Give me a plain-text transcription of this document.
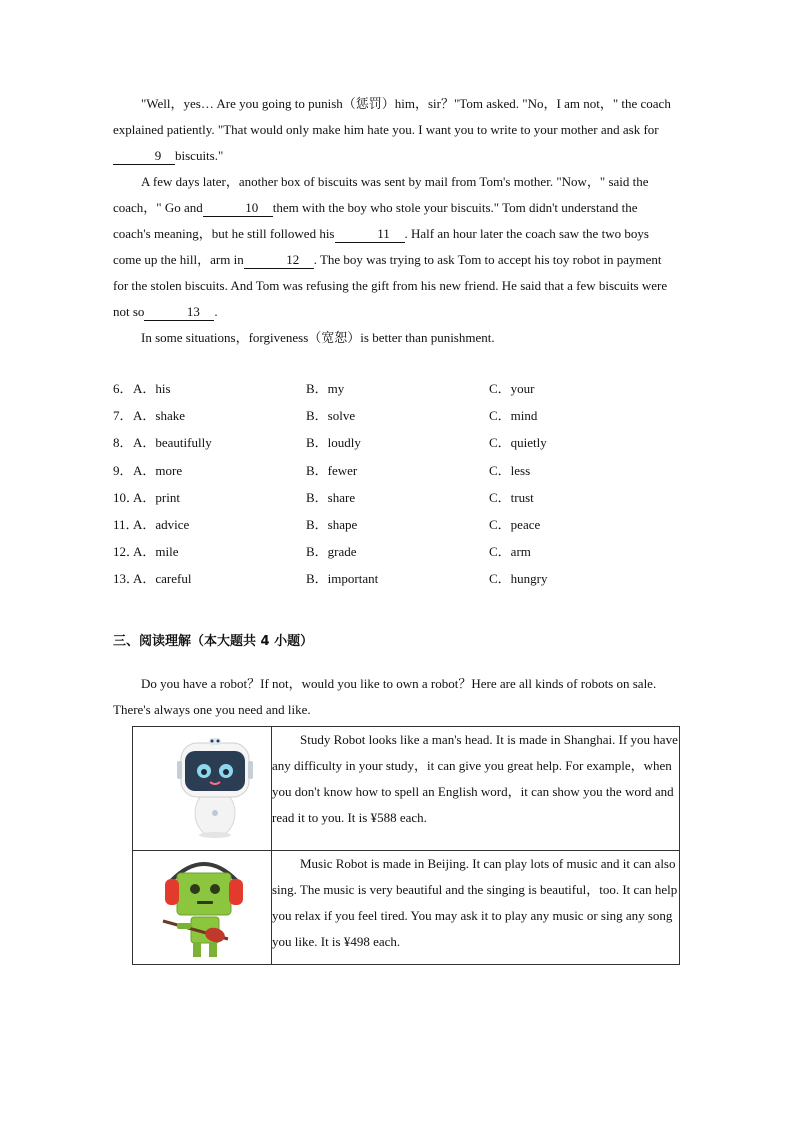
"Well，yes… Are you going to punish（惩罚）him，sir？"Tom asked. "No，I am not，" the coach explained patiently. "That would only make him hate you. I want you to write to your mother and ask for9 biscuits."

A few days later，another box of biscuits was sent by mail from Tom's mother. "Now，" said the coach，" Go and	10 them with the boy who stole your biscuits." Tom didn't understand the coach's meaning，but he still followed his	11 . Half an hour later the coach saw the two boys come up the hill，arm in	12 . The boy was trying to ask Tom to accept his toy robot in payment for the stolen biscuits. And Tom was refusing the gift from his new friend. He said that a few biscuits were not so	13 .

In some situations，forgiveness（宽恕）is better than punishment.

6． A．his	B．my	C．your
7． A．shake	B．solve	C．mind
8． A．beautifully	B．loudly	C．quietly
9． A．more	B．fewer	C．less
10．
A．print	B．share	C．trust
11．
A．advice	B．shape	C．peace
12．
A．mile	B．grade	C．arm
13．
A．careful	B．important	C．hungry
三、阅读理解（本大题共 4 小题）

Do you have a robot？If not，would you like to own a robot？Here are all kinds of robots on sale. There's always one you need and like.

Study Robot looks like a man's head. It is made in Shanghai. If you have any difficulty in your study，it can give you great help. For example，when you don't know how to spell an English word，it can show you the word and read it to you. It is ¥588 each.

Music Robot is made in Beijing. It can play lots of music and it can also sing. The music is very beautiful and the singing is beautiful，too. It can help you relax if you feel tired. You may ask it to play any music or sing any song you like. It is ¥498 each.
